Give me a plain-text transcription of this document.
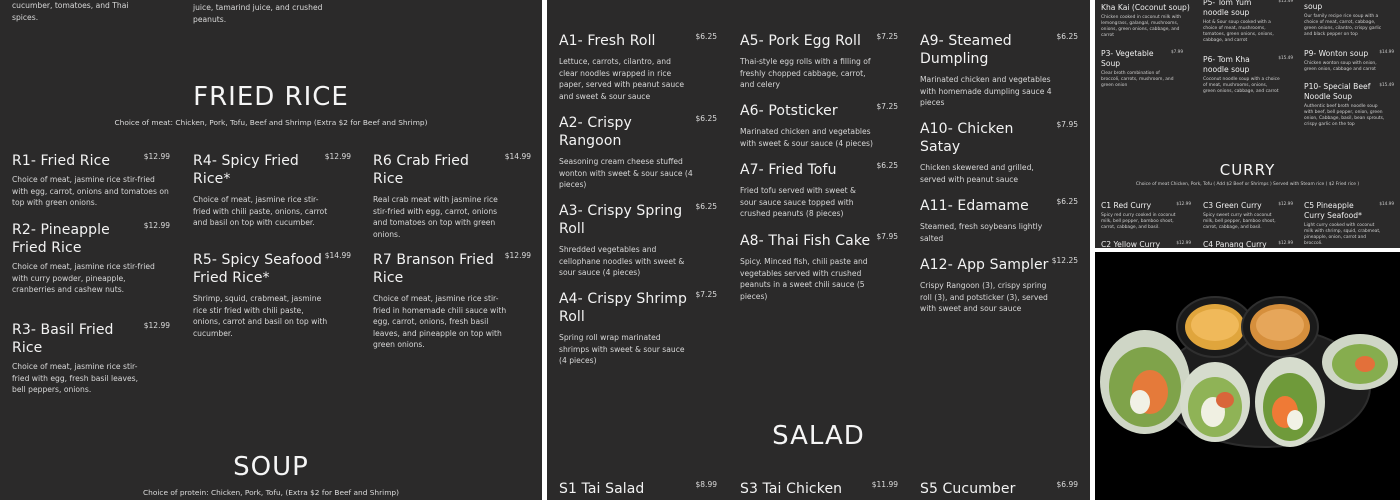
cucumber, tomatoes, and Thai spices.
juice, tamarind juice, and crushed peanuts.
FRIED RICE
Choice of meat: Chicken, Pork, Tofu, Beef and Shrimp (Extra $2 for Beef and Shrimp)
R1- Fried Rice	$12.99
Choice of meat, jasmine rice stir-fried with egg, carrot, onions and tomatoes on top with green onions.
R2- Pineapple Fried Rice
$12.99
Choice of meat, jasmine rice stir-fried with curry powder, pineapple, cranberries and cashew nuts.
R3- Basil Fried Rice
$12.99
Choice of meat, jasmine rice stir-fried with egg, fresh basil leaves, bell peppers, onions.
R4- Spicy Fried Rice*
$12.99
Choice of meat, jasmine rice stir-fried with chili paste, onions, carrot and basil on top with cucumber.
R5- Spicy Seafood Fried Rice*
$14.99
Shrimp, squid, crabmeat, jasmine rice stir fried with chili paste, onions, carrot and basil on top with cucumber.
R6 Crab Fried Rice
$14.99
Real crab meat with jasmine rice stir-fried with egg, carrot, onions and tomatoes on top with green onions.
R7 Branson Fried Rice
$12.99
Choice of meat, jasmine rice stir-fried in homemade chili sauce with egg, carrot, onions, fresh basil leaves, and pineapple on top with green onions.
SOUP
Choice of protein: Chicken, Pork, Tofu, (Extra $2 for Beef and Shrimp)
A1- Fresh Roll	$6.25
Lettuce, carrots, cilantro, and clear noodles wrapped in rice paper, served with peanut sauce and sweet & sour sauce
A2- Crispy Rangoon
$6.25
Seasoning cream cheese stuffed wonton with sweet & sour sauce (4 pieces)
A3- Crispy Spring Roll
$6.25
Shredded vegetables and cellophane noodles with sweet & sour sauce (4 pieces)
A4- Crispy Shrimp Roll
$7.25
Spring roll wrap marinated shrimps with sweet & sour sauce (4 pieces)
A5- Pork Egg Roll	$7.25
Thai-style egg rolls with a filling of freshly chopped cabbage, carrot, and celery
A6- Potsticker	$7.25
Marinated chicken and vegetables with sweet & sour sauce (4 pieces)
A7- Fried Tofu	$6.25
Fried tofu served with sweet & sour sauce sauce topped with crushed peanuts (8 pieces)
A8- Thai Fish Cake $7.95
Spicy. Minced fish, chili paste and vegetables served with crushed peanuts in a sweet chili sauce (5 pieces)
A9- Steamed Dumpling
$6.25
Marinated chicken and vegetables with homemade dumpling sauce 4 pieces
A10- Chicken Satay
$7.95
Chicken skewered and grilled, served with peanut sauce
A11- Edamame	$6.25
Steamed, fresh soybeans lightly salted
A12- App Sampler $12.25
Crispy Rangoon (3), crispy spring roll (3), and potsticker (3), served with sweet and sour sauce
SALAD
S1 Tai Salad	$8.99 S3 Tai Chicken	$11.99 S5 Cucumber	$6.99
Kha Kai (Coconut soup)
Chicken cooked in coconut milk with lemongrass, galangal, mushrooms, onions, green onions, cabbage, and carrot
P3- Vegetable Soup
$7.99
Clear broth combination of broccoli, carrots, mushroom, and green onion
P5- Tom Yum noodle soup
$15.49
Hot & Sour soup cooked with a choice of meat, mushrooms, tomatoes, green onions, onions, cabbage, and carrot
P6- Tom Kha noodle soup
$15.49
Coconut noodle soup with a choice of meat, mushrooms, onions, green onions, cabbage, and carrot
soup
Our family recipe rice soup with a choice of meat, carrot, cabbage, green onions, cilantro, crispy garlic and black pepper on top
P9- Wonton soup	$14.99
Chicken wonton soup with onion, green onion, cabbage and carrot
P10- Special Beef Noodle Soup
$15.49
Authentic beef broth noodle soup with beef, bell pepper, onion, green onion, Cabbage, basil, bean sprouts, crispy garlic on the top
CURRY
Choice of meat Chicken, Pork, Tofu ( Add $2 Beef or Shrimps ) Served with Steam rice ( $2 Fried rice )
C1 Red Curry	$12.99
Spicy red curry cooked in coconut milk, bell pepper, bamboo shoot, carrot, cabbage, and basil.
C3 Green Curry	$12.99
Spicy sweet curry with coconut milk, bell pepper, bamboo shoot, carrot, cabbage, and basil.
C5 Pineapple Curry Seafood*
$14.99
Light curry cooked with coconut milk with shrimp, squid, crabmeat, pineapple, onion, carrot and broccoli.
C2 Yellow Curry	$12.99 C4 Panang Curry	$12.99
